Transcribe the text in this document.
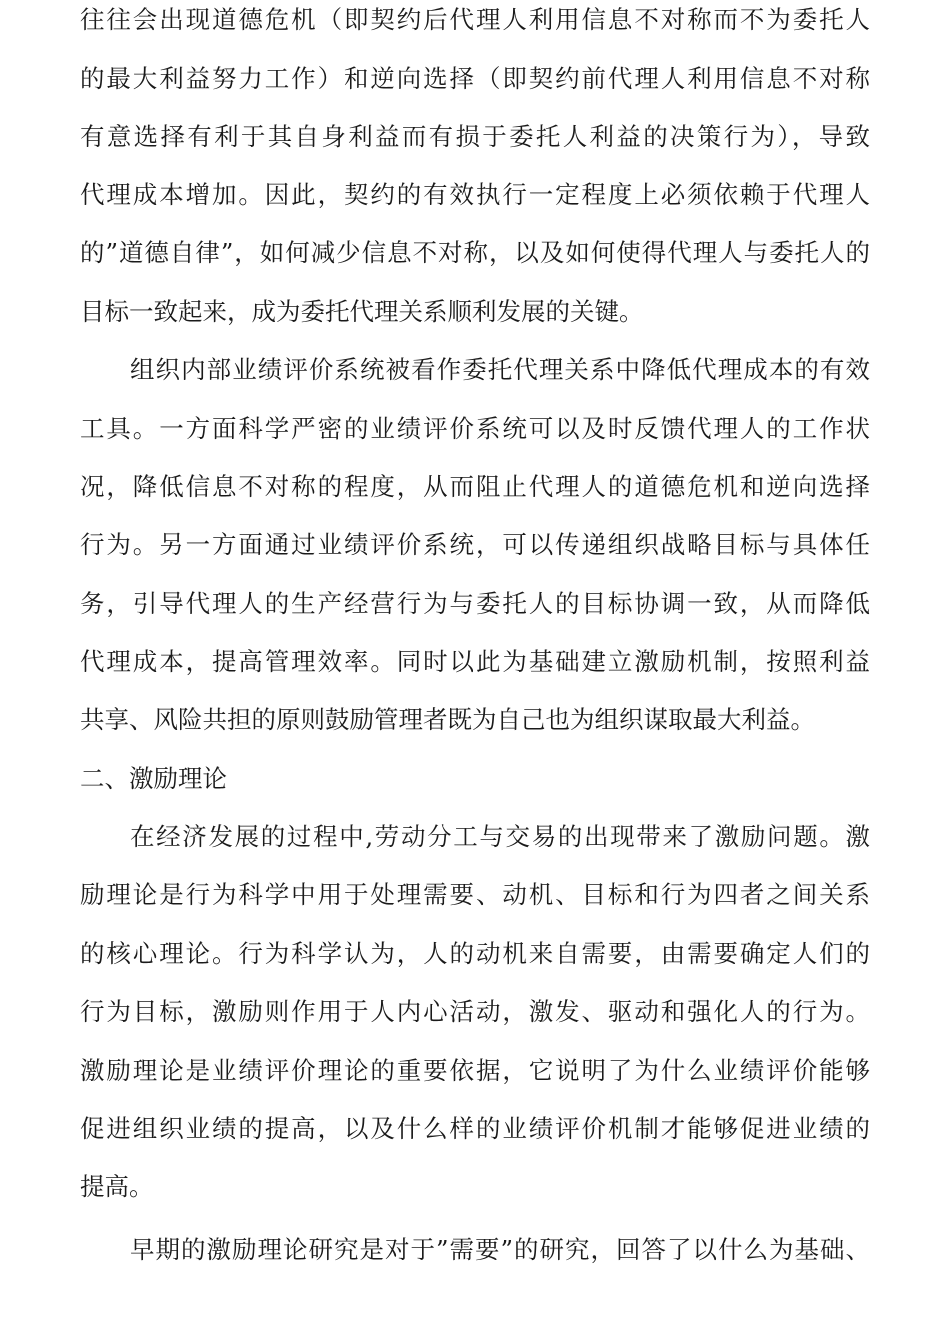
往往会出现道德危机（即契约后代理人利用信息不对称而不为委托人
的最大利益努力工作）和逆向选择（即契约前代理人利用信息不对称
有意选择有利于其自身利益而有损于委托人利益的决策行为），导致
代理成本增加。因此，契约的有效执行一定程度上必须依赖于代理人
的”道德自律”，如何减少信息不对称，以及如何使得代理人与委托人的
目标一致起来，成为委托代理关系顺利发展的关键。
组织内部业绩评价系统被看作委托代理关系中降低代理成本的有效
工具。一方面科学严密的业绩评价系统可以及时反馈代理人的工作状
况，降低信息不对称的程度，从而阻止代理人的道德危机和逆向选择
行为。另一方面通过业绩评价系统，可以传递组织战略目标与具体任
务，引导代理人的生产经营行为与委托人的目标协调一致，从而降低
代理成本，提高管理效率。同时以此为基础建立激励机制，按照利益
共享、风险共担的原则鼓励管理者既为自己也为组织谋取最大利益。
二、激励理论
在经济发展的过程中,劳动分工与交易的出现带来了激励问题。激
励理论是行为科学中用于处理需要、动机、目标和行为四者之间关系
的核心理论。行为科学认为，人的动机来自需要，由需要确定人们的
行为目标，激励则作用于人内心活动，激发、驱动和强化人的行为。
激励理论是业绩评价理论的重要依据，它说明了为什么业绩评价能够
促进组织业绩的提高，以及什么样的业绩评价机制才能够促进业绩的
提高。
早期的激励理论研究是对于”需要”的研究，回答了以什么为基础、
